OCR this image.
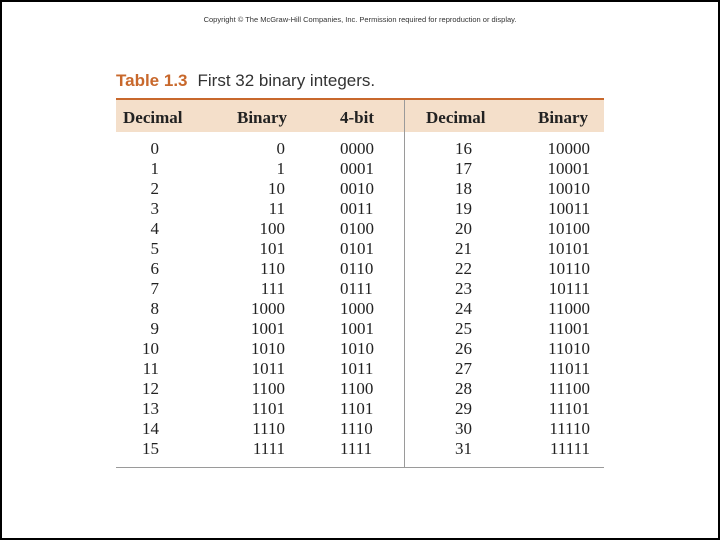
Copyright © The McGraw-Hill Companies, Inc. Permission required for reproduction or display.
Table 1.3 First 32 binary integers.
Decimal	Binary	4-bit	Decimal	Binary
0	0	0000	16	10000
1	1	0001	17	10001
2	10	0010	18	10010
3	11	0011	19	10011
4	100	0100	20	10100
5	101	0101	21	10101
6	110	0110	22	10110
7	111	0111	23	10111
8	1000	1000	24	11000
9	1001	1001	25	11001
10	1010	1010	26	11010
11	1011	1011	27	11011
12	1100	1100	28	11100
13	1101	1101	29	11101
14	1110	1110	30	11110
15	1111	1111	31	11111
